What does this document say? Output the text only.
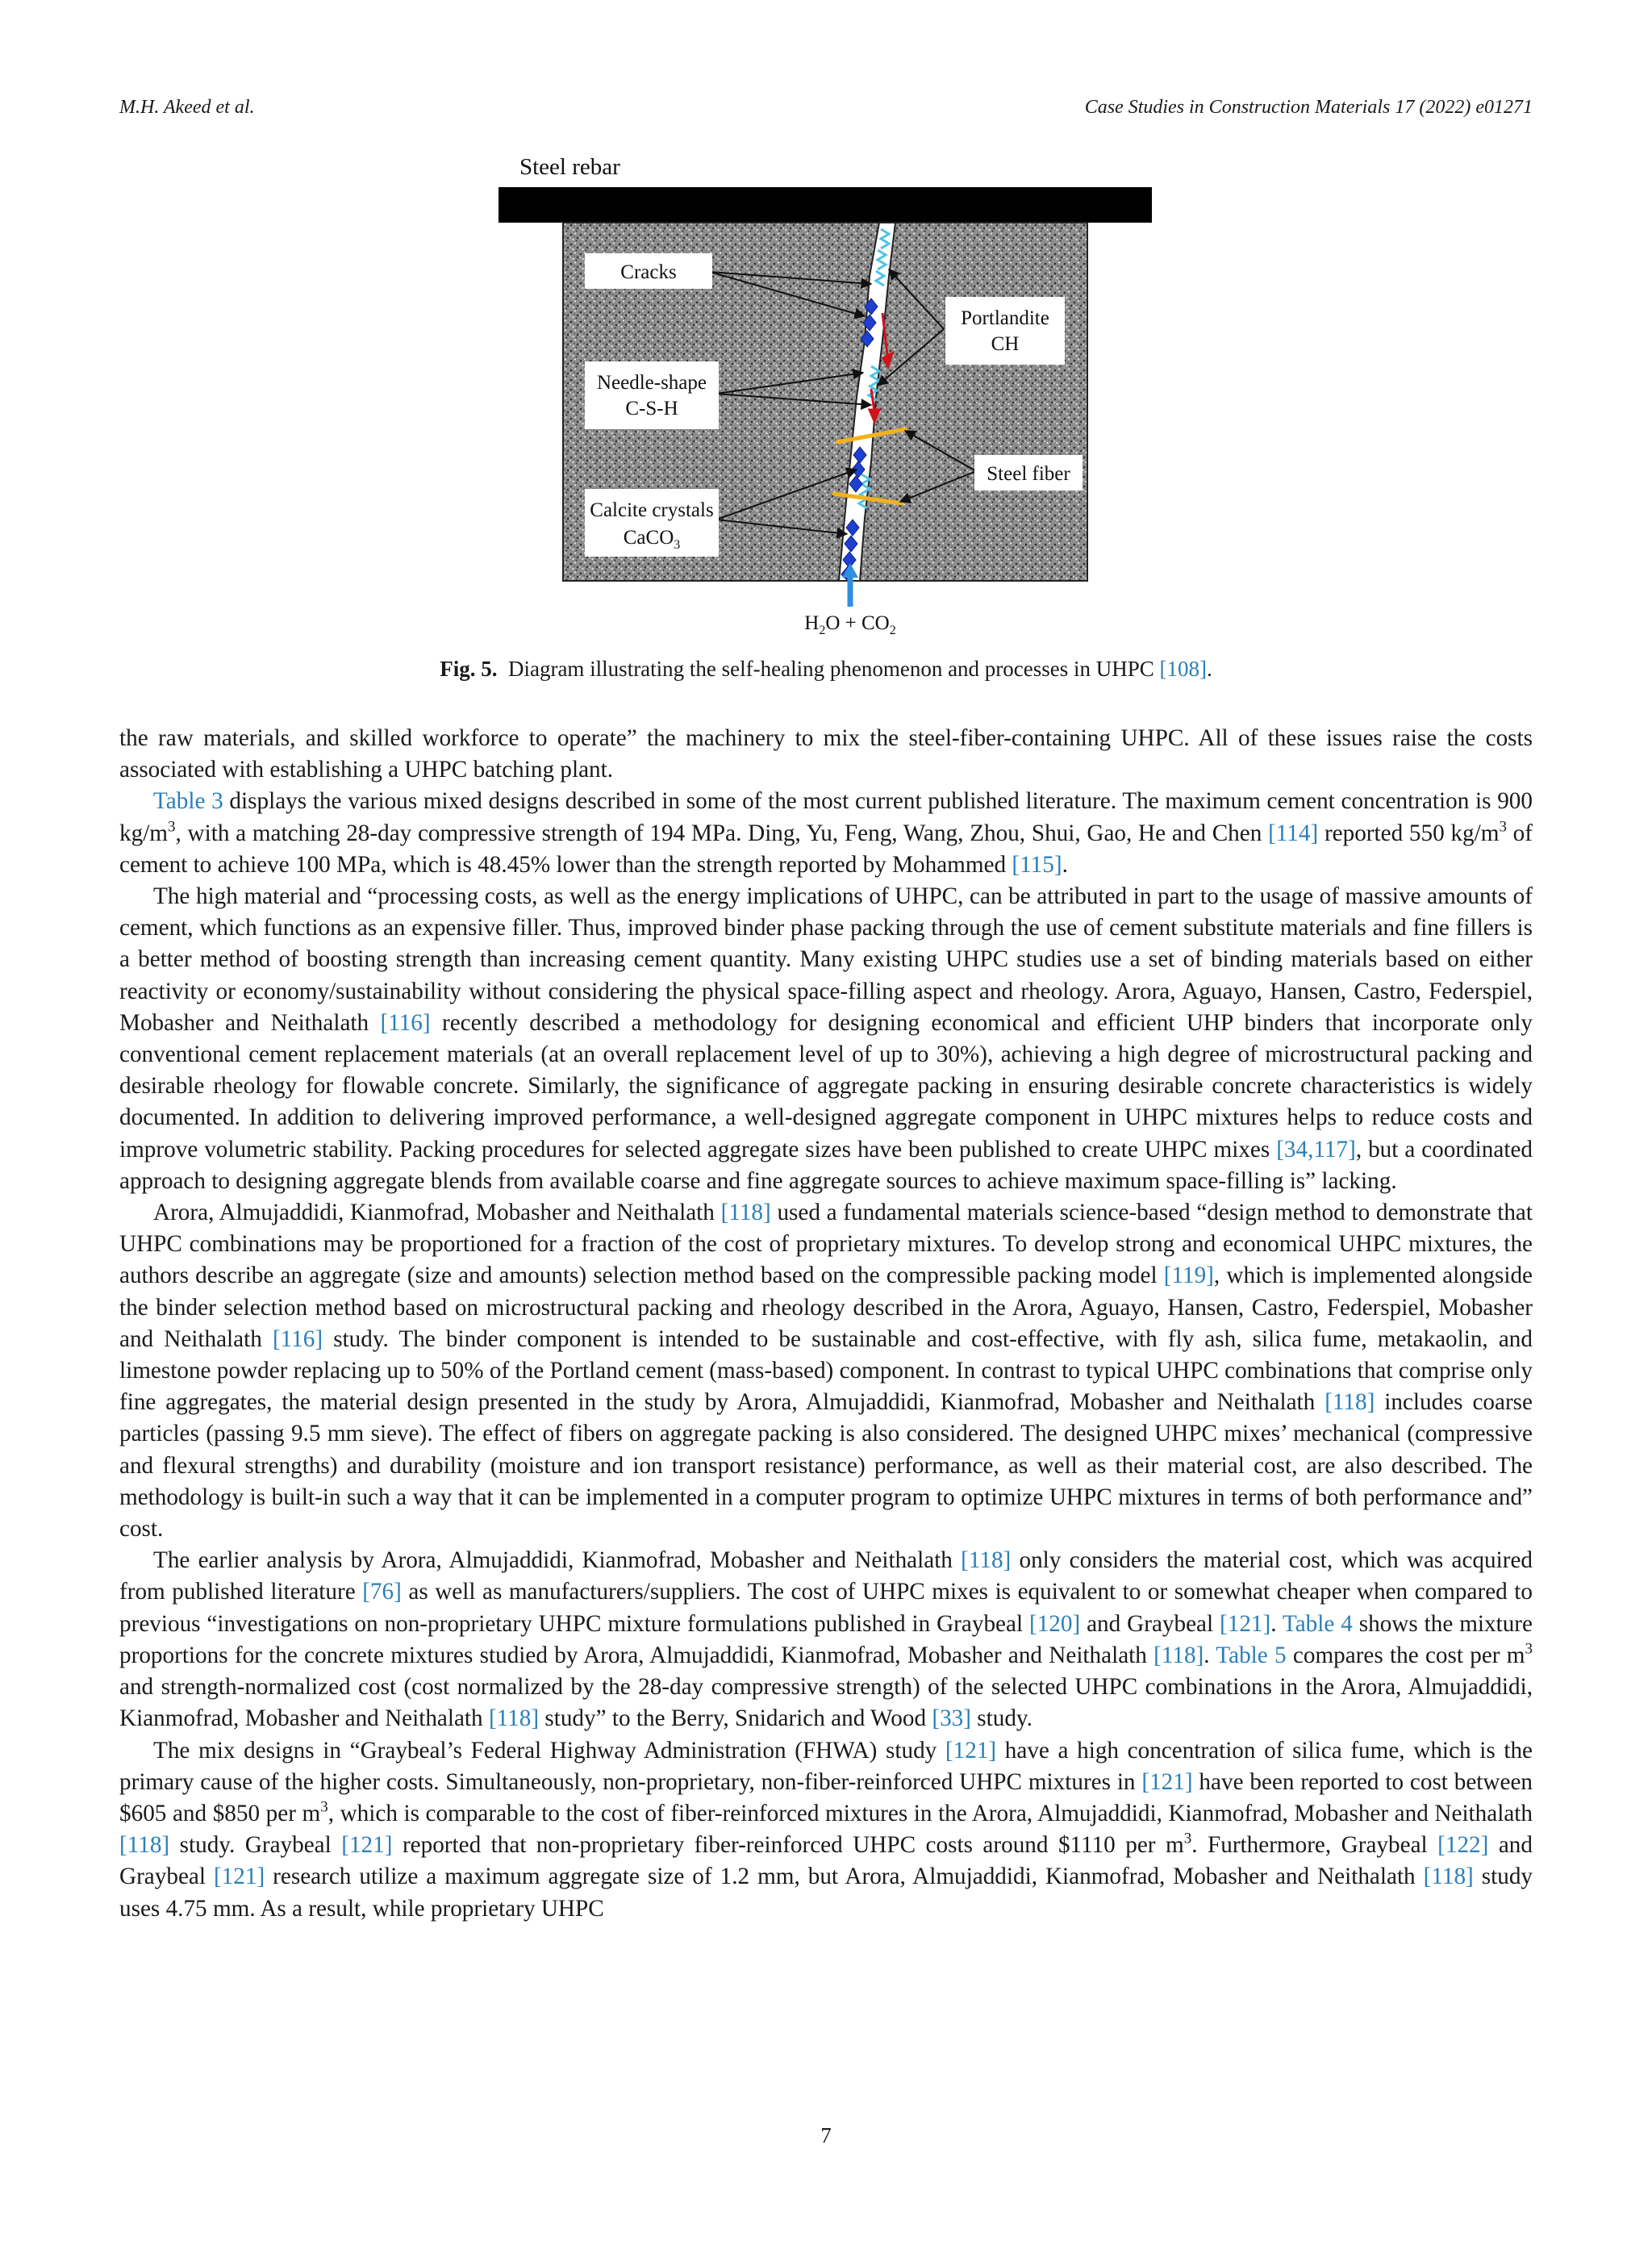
M.H. Akeed et al.	Case Studies in Construction Materials 17 (2022) e01271
Steel rebar
Cracks
Needle-shape
C-S-H
Calcite crystals
CaCO$_3$
Portlandite
CH
Steel fiber
$H_2O + CO_2$
Fig. 5. Diagram illustrating the self-healing phenomenon and processes in UHPC [108].

the raw materials, and skilled workforce to operate” the machinery to mix the steel-fiber-containing UHPC. All of these issues raise the costs associated with establishing a UHPC batching plant.

Table 3 displays the various mixed designs described in some of the most current published literature. The maximum cement concentration is 900 $kg/m^3$, with a matching 28-day compressive strength of 194 MPa. Ding, Yu, Feng, Wang, Zhou, Shui, Gao, He and Chen [114] reported 550 $kg/m^3$ of cement to achieve 100 MPa, which is 48.45% lower than the strength reported by Mohammed [115].

The high material and “processing costs, as well as the energy implications of UHPC, can be attributed in part to the usage of massive amounts of cement, which functions as an expensive filler. Thus, improved binder phase packing through the use of cement substitute materials and fine fillers is a better method of boosting strength than increasing cement quantity. Many existing UHPC studies use a set of binding materials based on either reactivity or economy/sustainability without considering the physical space-filling aspect and rheology. Arora, Aguayo, Hansen, Castro, Federspiel, Mobasher and Neithalath [116] recently described a methodology for designing economical and efficient UHP binders that incorporate only conventional cement replacement materials (at an overall replacement level of up to 30%), achieving a high degree of microstructural packing and desirable rheology for flowable concrete. Similarly, the significance of aggregate packing in ensuring desirable concrete characteristics is widely documented. In addition to delivering improved performance, a well-designed aggregate component in UHPC mixtures helps to reduce costs and improve volumetric stability. Packing procedures for selected aggregate sizes have been published to create UHPC mixes [34,117], but a coordinated approach to designing aggregate blends from available coarse and fine aggregate sources to achieve maximum space-filling is” lacking.

Arora, Almujaddidi, Kianmofrad, Mobasher and Neithalath [118] used a fundamental materials science-based “design method to demonstrate that UHPC combinations may be proportioned for a fraction of the cost of proprietary mixtures. To develop strong and economical UHPC mixtures, the authors describe an aggregate (size and amounts) selection method based on the compressible packing model [119], which is implemented alongside the binder selection method based on microstructural packing and rheology described in the Arora, Aguayo, Hansen, Castro, Federspiel, Mobasher and Neithalath [116] study. The binder component is intended to be sustainable and cost-effective, with fly ash, silica fume, metakaolin, and limestone powder replacing up to 50% of the Portland cement (mass-based) component. In contrast to typical UHPC combinations that comprise only fine aggregates, the material design presented in the study by Arora, Almujaddidi, Kianmofrad, Mobasher and Neithalath [118] includes coarse particles (passing 9.5 mm sieve). The effect of fibers on aggregate packing is also considered. The designed UHPC mixes’ mechanical (compressive and flexural strengths) and durability (moisture and ion transport resistance) performance, as well as their material cost, are also described. The methodology is built-in such a way that it can be implemented in a computer program to optimize UHPC mixtures in terms of both performance and” cost.

The earlier analysis by Arora, Almujaddidi, Kianmofrad, Mobasher and Neithalath [118] only considers the material cost, which was acquired from published literature [76] as well as manufacturers/suppliers. The cost of UHPC mixes is equivalent to or somewhat cheaper when compared to previous “investigations on non-proprietary UHPC mixture formulations published in Graybeal [120] and Graybeal [121]. Table 4 shows the mixture proportions for the concrete mixtures studied by Arora, Almujaddidi, Kianmofrad, Mobasher and Neithalath [118]. Table 5 compares the cost per $m^3$ and strength-normalized cost (cost normalized by the 28-day compressive strength) of the selected UHPC combinations in the Arora, Almujaddidi, Kianmofrad, Mobasher and Neithalath [118] study” to the Berry, Snidarich and Wood [33] study.

The mix designs in “Graybeal’s Federal Highway Administration (FHWA) study [121] have a high concentration of silica fume, which is the primary cause of the higher costs. Simultaneously, non-proprietary, non-fiber-reinforced UHPC mixtures in [121] have been reported to cost between $605 and $850 per $m^3$, which is comparable to the cost of fiber-reinforced mixtures in the Arora, Almujaddidi, Kianmofrad, Mobasher and Neithalath [118] study. Graybeal [121] reported that non-proprietary fiber-reinforced UHPC costs around $1110 per $m^3$. Furthermore, Graybeal [122] and Graybeal [121] research utilize a maximum aggregate size of 1.2 mm, but Arora, Almujaddidi, Kianmofrad, Mobasher and Neithalath [118] study uses 4.75 mm. As a result, while proprietary UHPC

7
